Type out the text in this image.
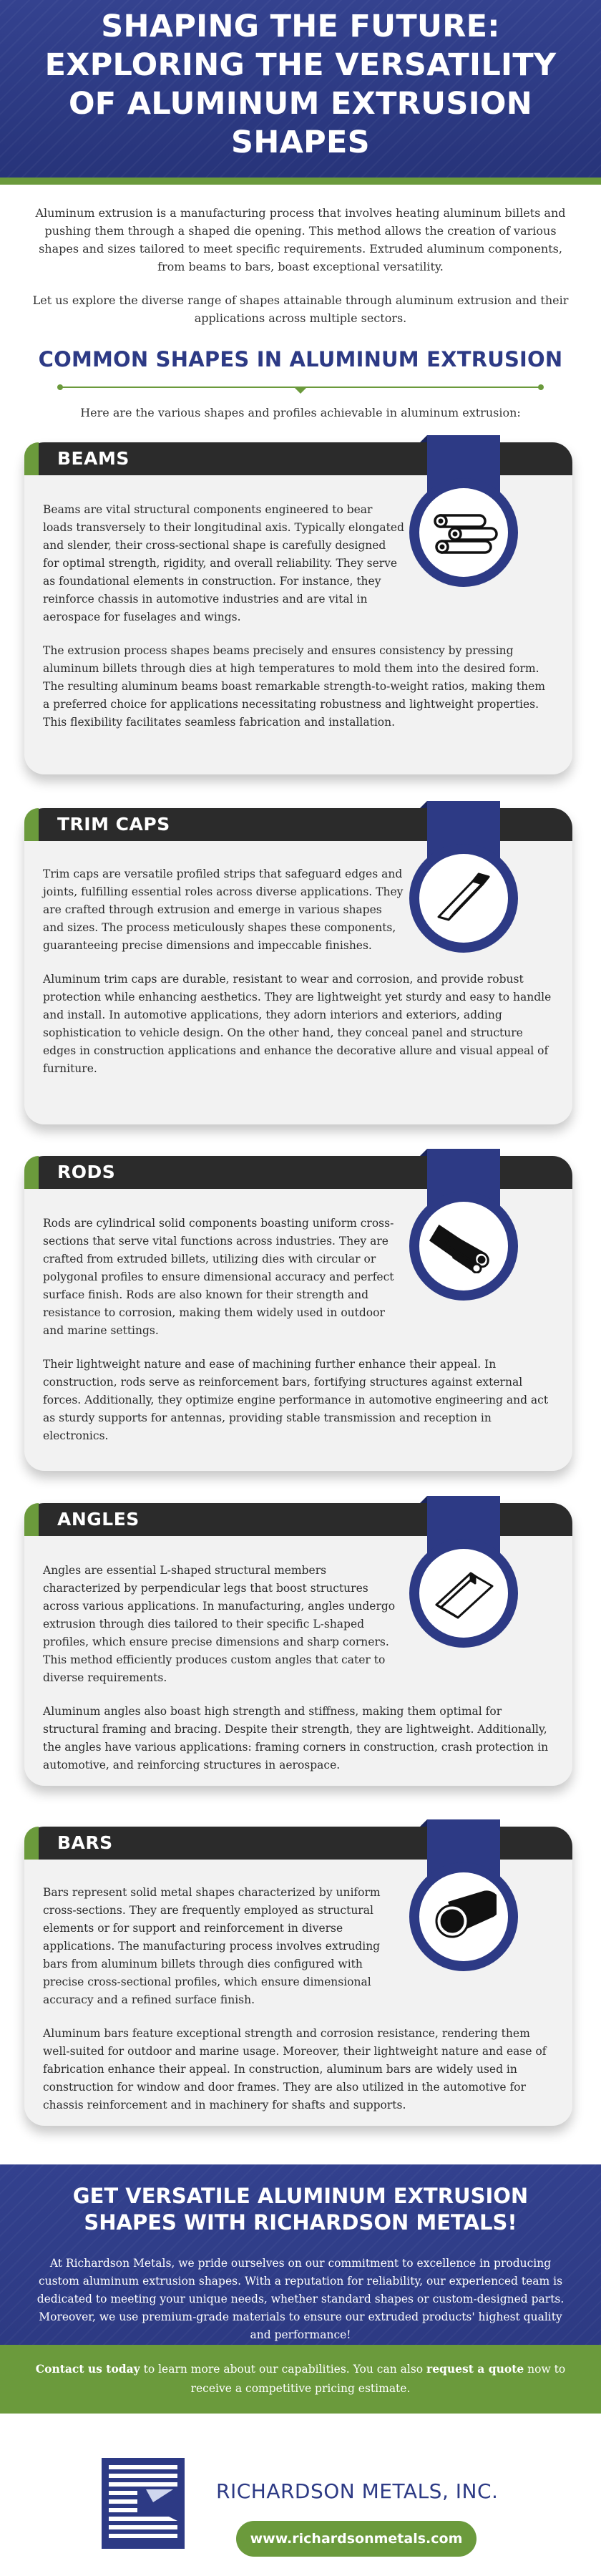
SHAPING THE FUTURE: EXPLORING THE VERSATILITY OF ALUMINUM EXTRUSION SHAPES

Aluminum extrusion is a manufacturing process that involves heating aluminum billets and pushing them through a shaped die opening. This method allows the creation of various shapes and sizes tailored to meet specific requirements. Extruded aluminum components, from beams to bars, boast exceptional versatility.

Let us explore the diverse range of shapes attainable through aluminum extrusion and their applications across multiple sectors.

COMMON SHAPES IN ALUMINUM EXTRUSION

Here are the various shapes and profiles achievable in aluminum extrusion:

BEAMS

Beams are vital structural components engineered to bear loads transversely to their longitudinal axis. Typically elongated and slender, their cross-sectional shape is carefully designed for optimal strength, rigidity, and overall reliability. They serve as foundational elements in construction. For instance, they reinforce chassis in automotive industries and are vital in aerospace for fuselages and wings.

The extrusion process shapes beams precisely and ensures consistency by pressing aluminum billets through dies at high temperatures to mold them into the desired form. The resulting aluminum beams boast remarkable strength-to-weight ratios, making them a preferred choice for applications necessitating robustness and lightweight properties. This flexibility facilitates seamless fabrication and installation.

TRIM CAPS

Trim caps are versatile profiled strips that safeguard edges and joints, fulfilling essential roles across diverse applications. They are crafted through extrusion and emerge in various shapes and sizes. The process meticulously shapes these components, guaranteeing precise dimensions and impeccable finishes.

Aluminum trim caps are durable, resistant to wear and corrosion, and provide robust protection while enhancing aesthetics. They are lightweight yet sturdy and easy to handle and install. In automotive applications, they adorn interiors and exteriors, adding sophistication to vehicle design. On the other hand, they conceal panel and structure edges in construction applications and enhance the decorative allure and visual appeal of furniture.

RODS

Rods are cylindrical solid components boasting uniform cross-sections that serve vital functions across industries. They are crafted from extruded billets, utilizing dies with circular or polygonal profiles to ensure dimensional accuracy and perfect surface finish. Rods are also known for their strength and resistance to corrosion, making them widely used in outdoor and marine settings.

Their lightweight nature and ease of machining further enhance their appeal. In construction, rods serve as reinforcement bars, fortifying structures against external forces. Additionally, they optimize engine performance in automotive engineering and act as sturdy supports for antennas, providing stable transmission and reception in electronics.

ANGLES

Angles are essential L-shaped structural members characterized by perpendicular legs that boost structures across various applications. In manufacturing, angles undergo extrusion through dies tailored to their specific L-shaped profiles, which ensure precise dimensions and sharp corners. This method efficiently produces custom angles that cater to diverse requirements.

Aluminum angles also boast high strength and stiffness, making them optimal for structural framing and bracing. Despite their strength, they are lightweight. Additionally, the angles have various applications: framing corners in construction, crash protection in automotive, and reinforcing structures in aerospace.

BARS

Bars represent solid metal shapes characterized by uniform cross-sections. They are frequently employed as structural elements or for support and reinforcement in diverse applications. The manufacturing process involves extruding bars from aluminum billets through dies configured with precise cross-sectional profiles, which ensure dimensional accuracy and a refined surface finish.

Aluminum bars feature exceptional strength and corrosion resistance, rendering them well-suited for outdoor and marine usage. Moreover, their lightweight nature and ease of fabrication enhance their appeal. In construction, aluminum bars are widely used in construction for window and door frames. They are also utilized in the automotive for chassis reinforcement and in machinery for shafts and supports.

GET VERSATILE ALUMINUM EXTRUSION SHAPES WITH RICHARDSON METALS!

At Richardson Metals, we pride ourselves on our commitment to excellence in producing custom aluminum extrusion shapes. With a reputation for reliability, our experienced team is dedicated to meeting your unique needs, whether standard shapes or custom-designed parts. Moreover, we use premium-grade materials to ensure our extruded products' highest quality and performance!

Contact us today to learn more about our capabilities. You can also request a quote now to receive a competitive pricing estimate.

RICHARDSON METALS, INC.
www.richardsonmetals.com
